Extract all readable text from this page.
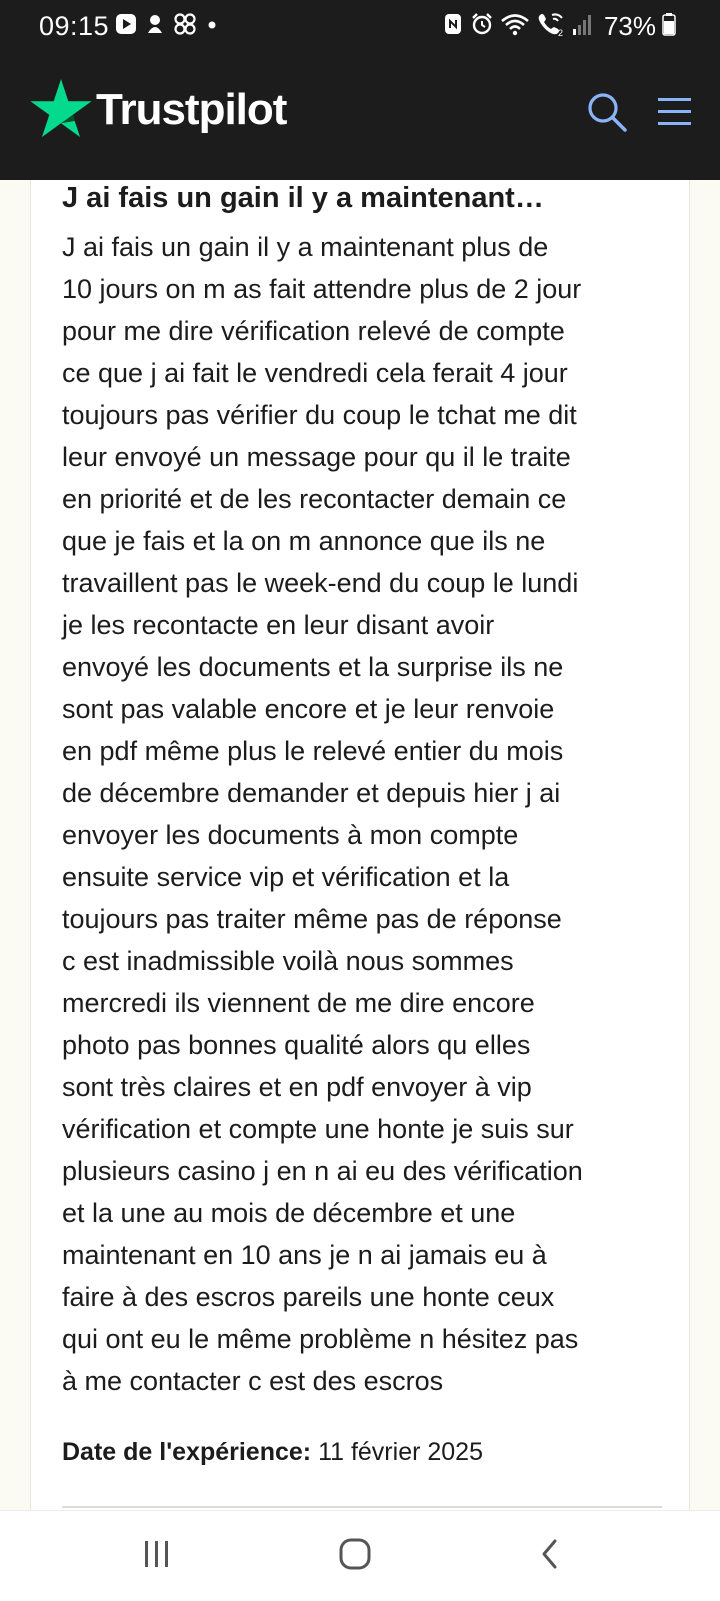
09:15	2 73%
Trustpilot
J ai fais un gain il y a maintenant…

J ai fais un gain il y a maintenant plus de
10 jours on m as fait attendre plus de 2 jour
pour me dire vérification relevé de compte
ce que j ai fait le vendredi cela ferait 4 jour
toujours pas vérifier du coup le tchat me dit
leur envoyé un message pour qu il le traite
en priorité et de les recontacter demain ce
que je fais et la on m annonce que ils ne
travaillent pas le week-end du coup le lundi
je les recontacte en leur disant avoir
envoyé les documents et la surprise ils ne
sont pas valable encore et je leur renvoie
en pdf même plus le relevé entier du mois
de décembre demander et depuis hier j ai
envoyer les documents à mon compte
ensuite service vip et vérification et la
toujours pas traiter même pas de réponse
c est inadmissible voilà nous sommes
mercredi ils viennent de me dire encore
photo pas bonnes qualité alors qu elles
sont très claires et en pdf envoyer à vip
vérification et compte une honte je suis sur
plusieurs casino j en n ai eu des vérification
et la une au mois de décembre et une
maintenant en 10 ans je n ai jamais eu à
faire à des escros pareils une honte ceux
qui ont eu le même problème n hésitez pas
à me contacter c est des escros

Date de l'expérience: 11 février 2025
